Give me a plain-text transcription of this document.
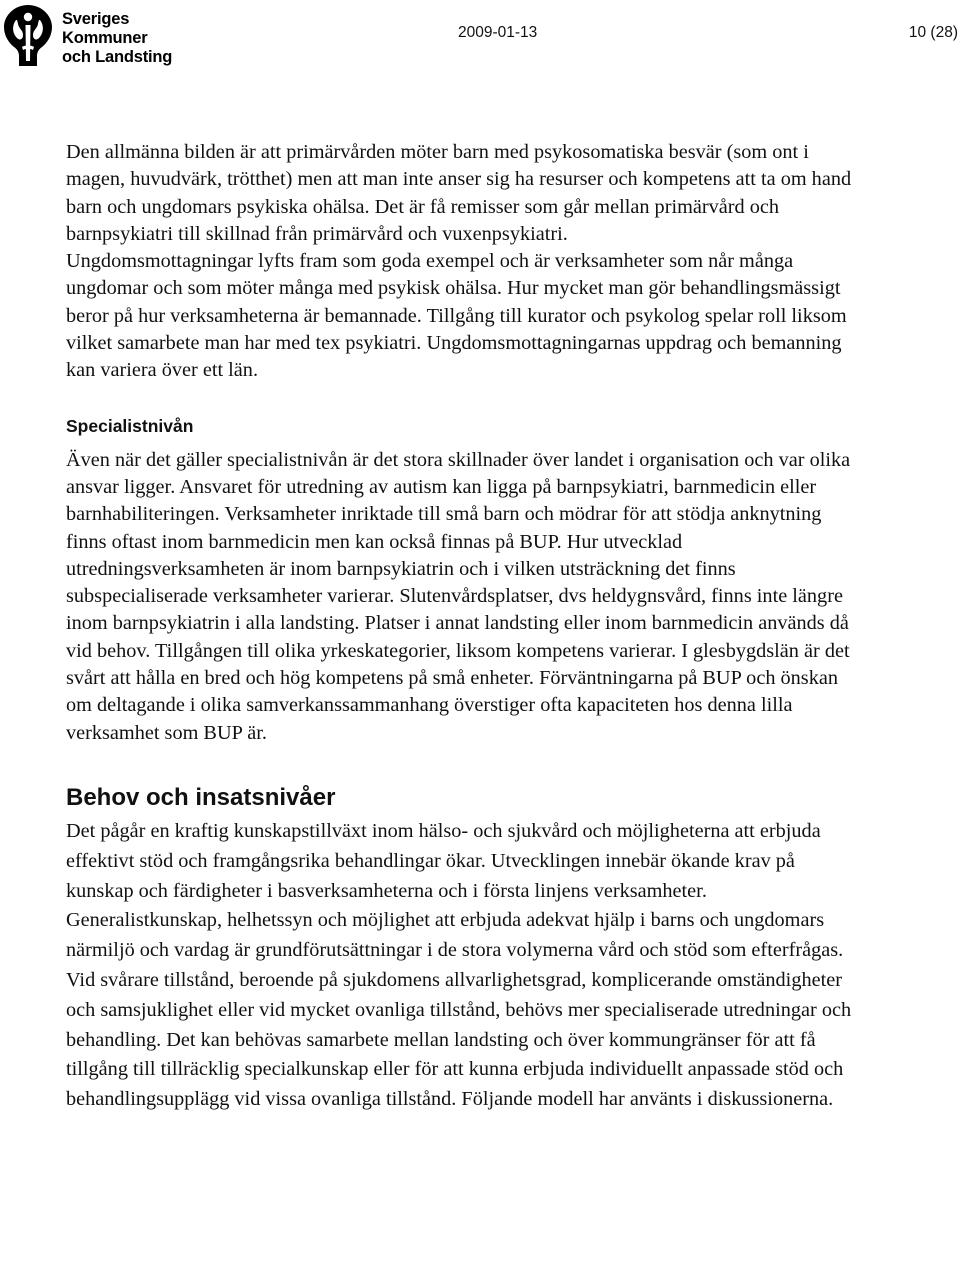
Sveriges
Kommuner
och Landsting
2009-01-13	10 (28)

Den allmänna bilden är att primärvården möter barn med psykosomatiska besvär (som ont i magen, huvudvärk, trötthet) men att man inte anser sig ha resurser och kompetens att ta om hand barn och ungdomars psykiska ohälsa. Det är få remisser som går mellan primärvård och barnpsykiatri till skillnad från primärvård och vuxenpsykiatri.

Ungdomsmottagningar lyfts fram som goda exempel och är verksamheter som når många ungdomar och som möter många med psykisk ohälsa. Hur mycket man gör behandlingsmässigt beror på hur verksamheterna är bemannade. Tillgång till kurator och psykolog spelar roll liksom vilket samarbete man har med tex psykiatri. Ungdomsmottagningarnas uppdrag och bemanning kan variera över ett län.

Specialistnivån

Även när det gäller specialistnivån är det stora skillnader över landet i organisation och var olika ansvar ligger. Ansvaret för utredning av autism kan ligga på barnpsykiatri, barnmedicin eller barnhabiliteringen. Verksamheter inriktade till små barn och mödrar för att stödja anknytning finns oftast inom barnmedicin men kan också finnas på BUP. Hur utvecklad utredningsverksamheten är inom barnpsykiatrin och i vilken utsträckning det finns subspecialiserade verksamheter varierar. Slutenvårdsplatser, dvs heldygnsvård, finns inte längre inom barnpsykiatrin i alla landsting. Platser i annat landsting eller inom barnmedicin används då vid behov. Tillgången till olika yrkeskategorier, liksom kompetens varierar. I glesbygdslän är det svårt att hålla en bred och hög kompetens på små enheter. Förväntningarna på BUP och önskan om deltagande i olika samverkanssammanhang överstiger ofta kapaciteten hos denna lilla verksamhet som BUP är.

Behov och insatsnivåer

Det pågår en kraftig kunskapstillväxt inom hälso- och sjukvård och möjligheterna att erbjuda effektivt stöd och framgångsrika behandlingar ökar. Utvecklingen innebär ökande krav på kunskap och färdigheter i basverksamheterna och i första linjens verksamheter. Generalistkunskap, helhetssyn och möjlighet att erbjuda adekvat hjälp i barns och ungdomars närmiljö och vardag är grundförutsättningar i de stora volymerna vård och stöd som efterfrågas. Vid svårare tillstånd, beroende på sjukdomens allvarlighetsgrad, komplicerande omständigheter och samsjuklighet eller vid mycket ovanliga tillstånd, behövs mer specialiserade utredningar och behandling. Det kan behövas samarbete mellan landsting och över kommungränser för att få tillgång till tillräcklig specialkunskap eller för att kunna erbjuda individuellt anpassade stöd och behandlingsupplägg vid vissa ovanliga tillstånd. Följande modell har använts i diskussionerna.
